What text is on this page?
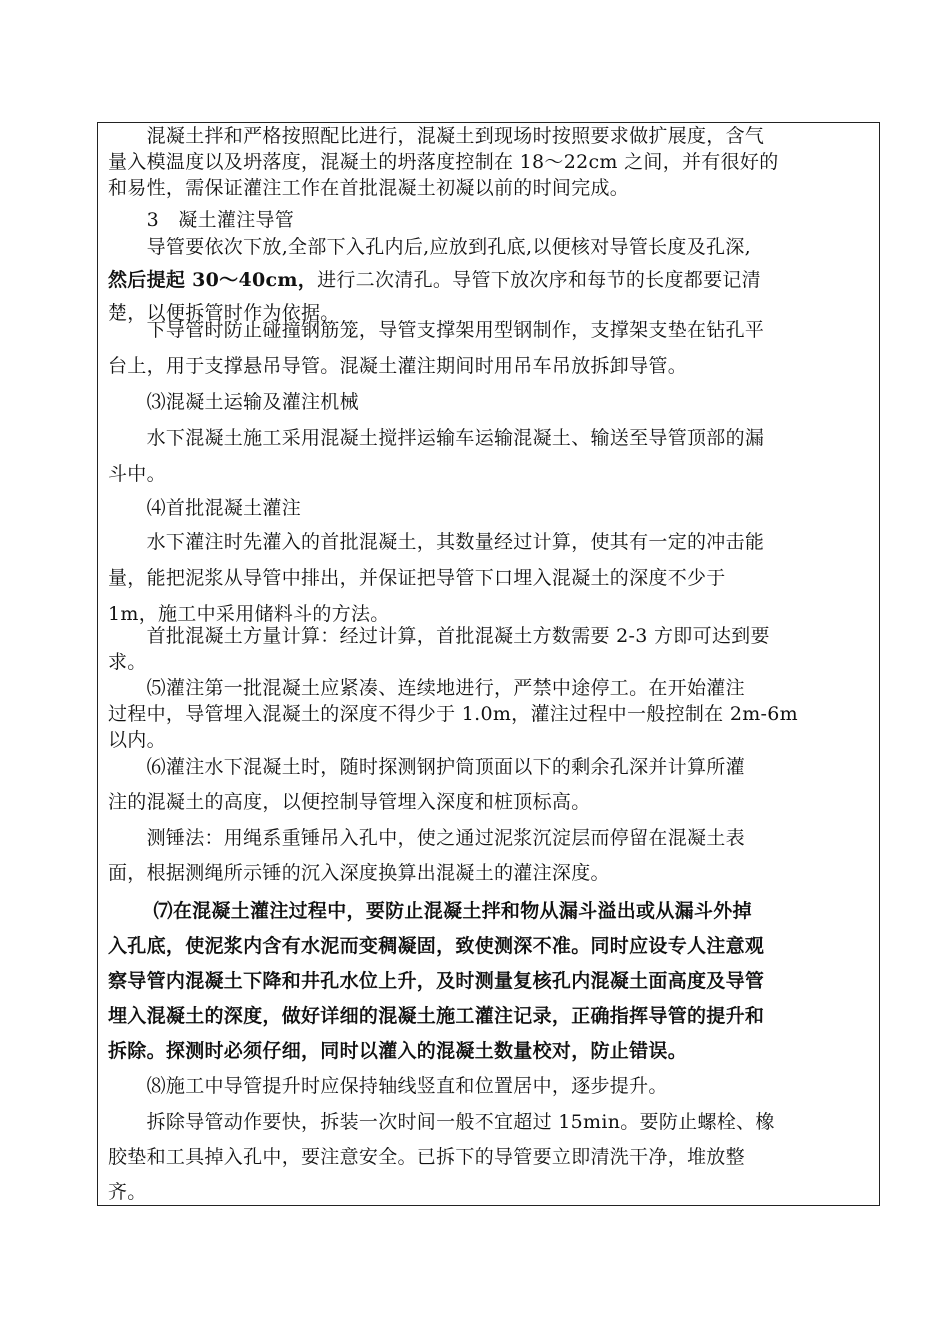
　　混凝土拌和严格按照配比进行，混凝土到现场时按照要求做扩展度，含气
量入模温度以及坍落度，混凝土的坍落度控制在 18～22cm 之间，并有很好的
和易性，需保证灌注工作在首批混凝土初凝以前的时间完成。
　　3　凝土灌注导管
　　导管要依次下放,全部下入孔内后,应放到孔底,以便核对导管长度及孔深,
然后提起 30～40cm，进行二次清孔。导管下放次序和每节的长度都要记清
楚，以便拆管时作为依据。
　　下导管时防止碰撞钢筋笼，导管支撑架用型钢制作，支撑架支垫在钻孔平
台上，用于支撑悬吊导管。混凝土灌注期间时用吊车吊放拆卸导管。
　　⑶混凝土运输及灌注机械
　　水下混凝土施工采用混凝土搅拌运输车运输混凝土、输送至导管顶部的漏
斗中。
　　⑷首批混凝土灌注
　　水下灌注时先灌入的首批混凝土，其数量经过计算，使其有一定的冲击能
量，能把泥浆从导管中排出，并保证把导管下口埋入混凝土的深度不少于
1m，施工中采用储料斗的方法。
　　首批混凝土方量计算：经过计算，首批混凝土方数需要 2-3 方即可达到要
求。
　　⑸灌注第一批混凝土应紧凑、连续地进行，严禁中途停工。在开始灌注
过程中，导管埋入混凝土的深度不得少于 1.0m，灌注过程中一般控制在 2m-6m
以内。
　　⑹灌注水下混凝土时，随时探测钢护筒顶面以下的剩余孔深并计算所灌
注的混凝土的高度，以便控制导管埋入深度和桩顶标高。
　　测锤法：用绳系重锤吊入孔中，使之通过泥浆沉淀层而停留在混凝土表
面，根据测绳所示锤的沉入深度换算出混凝土的灌注深度。
　　 ⑺在混凝土灌注过程中，要防止混凝土拌和物从漏斗溢出或从漏斗外掉
入孔底，使泥浆内含有水泥而变稠凝固，致使测深不准。同时应设专人注意观
察导管内混凝土下降和井孔水位上升，及时测量复核孔内混凝土面高度及导管
埋入混凝土的深度，做好详细的混凝土施工灌注记录，正确指挥导管的提升和
拆除。探测时必须仔细，同时以灌入的混凝土数量校对，防止错误。
　　⑻施工中导管提升时应保持轴线竖直和位置居中，逐步提升。
　　拆除导管动作要快，拆装一次时间一般不宜超过 15min。要防止螺栓、橡
胶垫和工具掉入孔中，要注意安全。已拆下的导管要立即清洗干净，堆放整
齐。
